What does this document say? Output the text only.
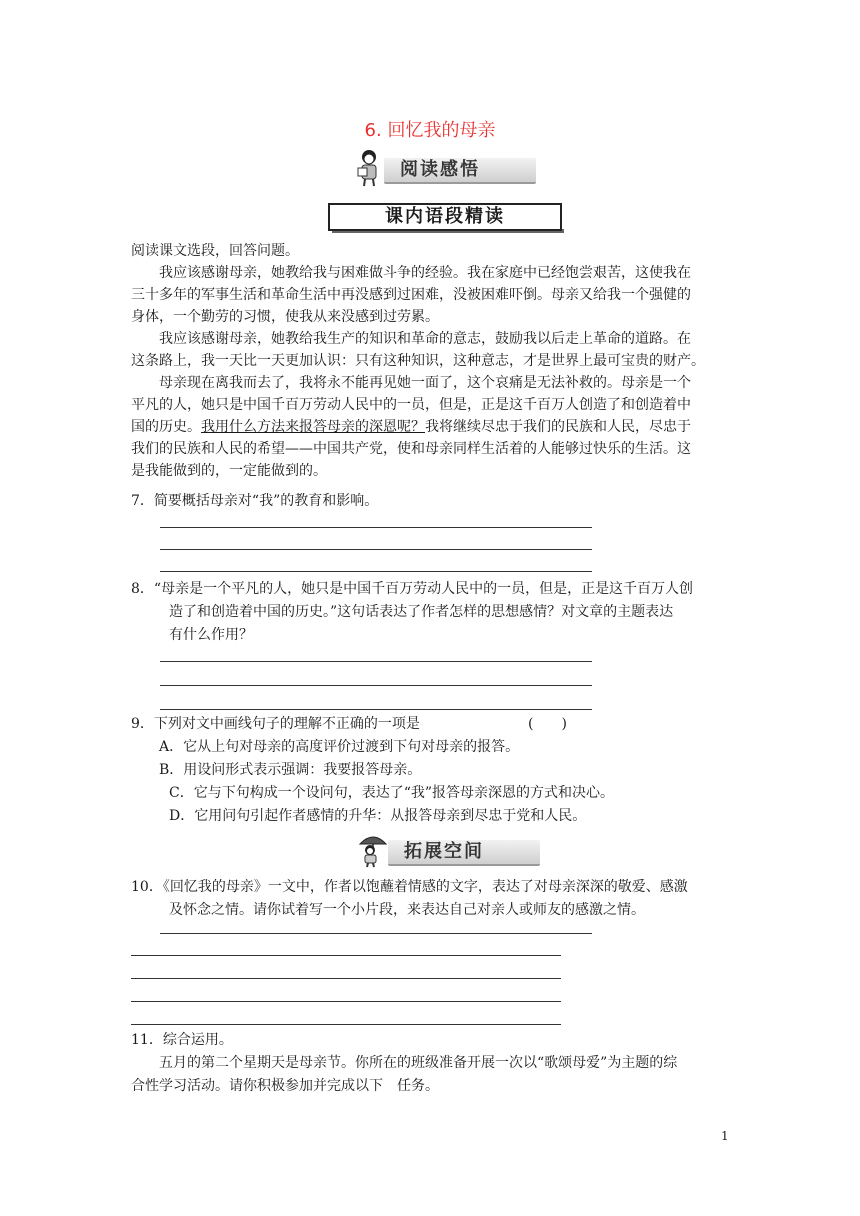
6. 回忆我的母亲
阅读感悟
课内语段精读
阅读课文选段，回答问题。
我应该感谢母亲，她教给我与困难做斗争的经验。我在家庭中已经饱尝艰苦，这使我在
三十多年的军事生活和革命生活中再没感到过困难，没被困难吓倒。母亲又给我一个强健的
身体，一个勤劳的习惯，使我从来没感到过劳累。
我应该感谢母亲，她教给我生产的知识和革命的意志，鼓励我以后走上革命的道路。在
这条路上，我一天比一天更加认识：只有这种知识，这种意志，才是世界上最可宝贵的财产。
母亲现在离我而去了，我将永不能再见她一面了，这个哀痛是无法补救的。母亲是一个
平凡的人，她只是中国千百万劳动人民中的一员，但是，正是这千百万人创造了和创造着中
国的历史。我用什么方法来报答母亲的深恩呢？我将继续尽忠于我们的民族和人民，尽忠于
我们的民族和人民的希望——中国共产党，使和母亲同样生活着的人能够过快乐的生活。这
是我能做到的，一定能做到的。
7．简要概括母亲对“我”的教育和影响。
8．“母亲是一个平凡的人，她只是中国千百万劳动人民中的一员，但是，正是这千百万人创
造了和创造着中国的历史。”这句话表达了作者怎样的思想感情？对文章的主题表达
有什么作用？
9．下列对文中画线句子的理解不正确的一项是	(　　)
A．它从上句对母亲的高度评价过渡到下句对母亲的报答。
B．用设问形式表示强调：我要报答母亲。
C．它与下句构成一个设问句，表达了“我”报答母亲深恩的方式和决心。
D．它用问句引起作者感情的升华：从报答母亲到尽忠于党和人民。
拓展空间
10．《回忆我的母亲》一文中，作者以饱蘸着情感的文字，表达了对母亲深深的敬爱、感激
及怀念之情。请你试着写一个小片段，来表达自己对亲人或师友的感激之情。
11．综合运用。
五月的第二个星期天是母亲节。你所在的班级准备开展一次以“歌颂母爱”为主题的综
合性学习活动。请你积极参加并完成以下　任务。
1
